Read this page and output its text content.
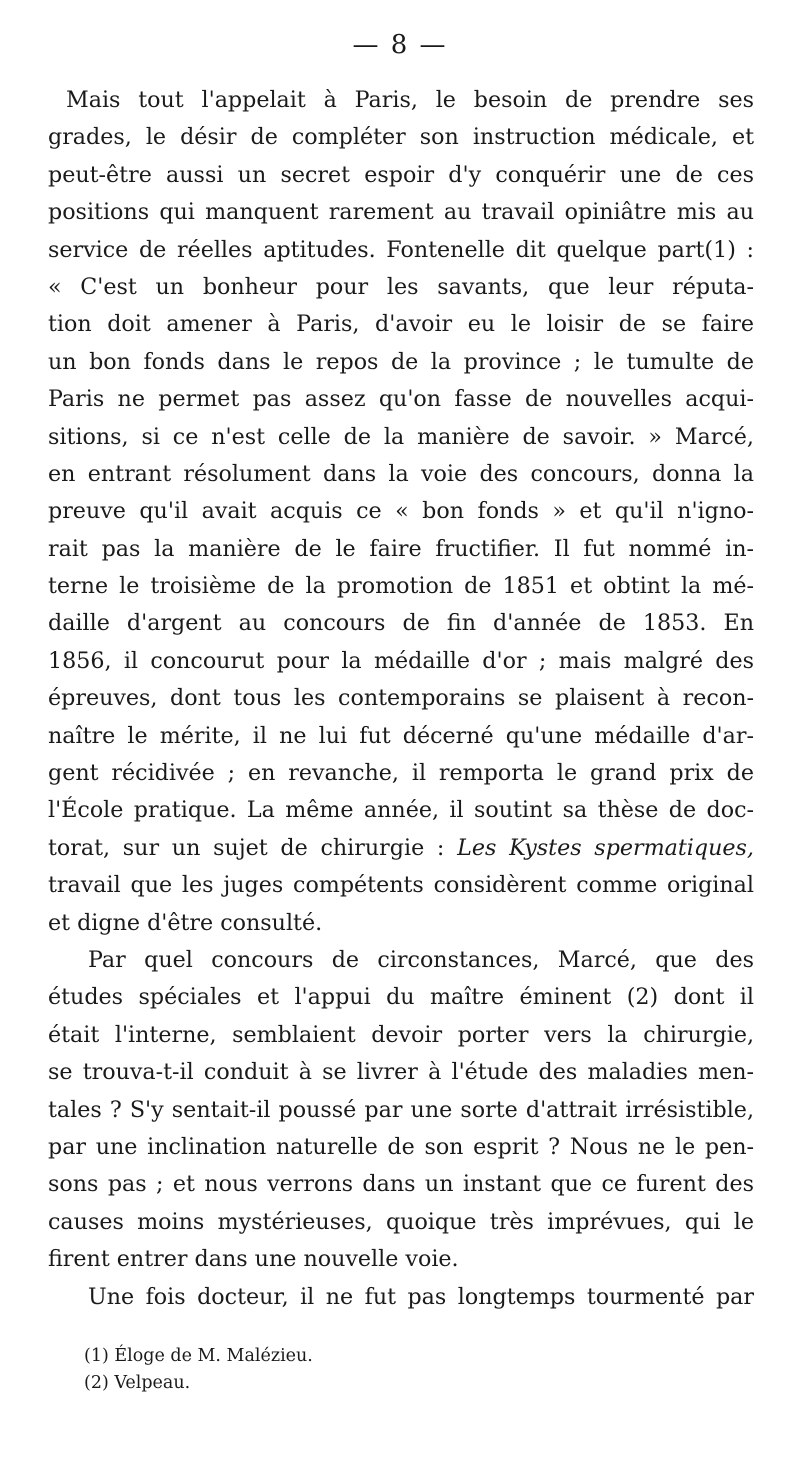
— 8 —
Mais tout l'appelait à Paris, le besoin de prendre ses
grades, le désir de compléter son instruction médicale, et
peut-être aussi un secret espoir d'y conquérir une de ces
positions qui manquent rarement au travail opiniâtre mis au
service de réelles aptitudes. Fontenelle dit quelque part(1) :
« C'est un bonheur pour les savants, que leur réputa-
tion doit amener à Paris, d'avoir eu le loisir de se faire
un bon fonds dans le repos de la province ; le tumulte de
Paris ne permet pas assez qu'on fasse de nouvelles acqui-
sitions, si ce n'est celle de la manière de savoir. » Marcé,
en entrant résolument dans la voie des concours, donna la
preuve qu'il avait acquis ce « bon fonds » et qu'il n'igno-
rait pas la manière de le faire fructifier. Il fut nommé in-
terne le troisième de la promotion de 1851 et obtint la mé-
daille d'argent au concours de fin d'année de 1853. En
1856, il concourut pour la médaille d'or ; mais malgré des
épreuves, dont tous les contemporains se plaisent à recon-
naître le mérite, il ne lui fut décerné qu'une médaille d'ar-
gent récidivée ; en revanche, il remporta le grand prix de
l'École pratique. La même année, il soutint sa thèse de doc-
torat, sur un sujet de chirurgie : Les Kystes spermatiques,
travail que les juges compétents considèrent comme original
et digne d'être consulté.
Par quel concours de circonstances, Marcé, que des
études spéciales et l'appui du maître éminent (2) dont il
était l'interne, semblaient devoir porter vers la chirurgie,
se trouva-t-il conduit à se livrer à l'étude des maladies men-
tales ? S'y sentait-il poussé par une sorte d'attrait irrésistible,
par une inclination naturelle de son esprit ? Nous ne le pen-
sons pas ; et nous verrons dans un instant que ce furent des
causes moins mystérieuses, quoique très imprévues, qui le
firent entrer dans une nouvelle voie.
Une fois docteur, il ne fut pas longtemps tourmenté par
(1) Éloge de M. Malézieu.
(2) Velpeau.
